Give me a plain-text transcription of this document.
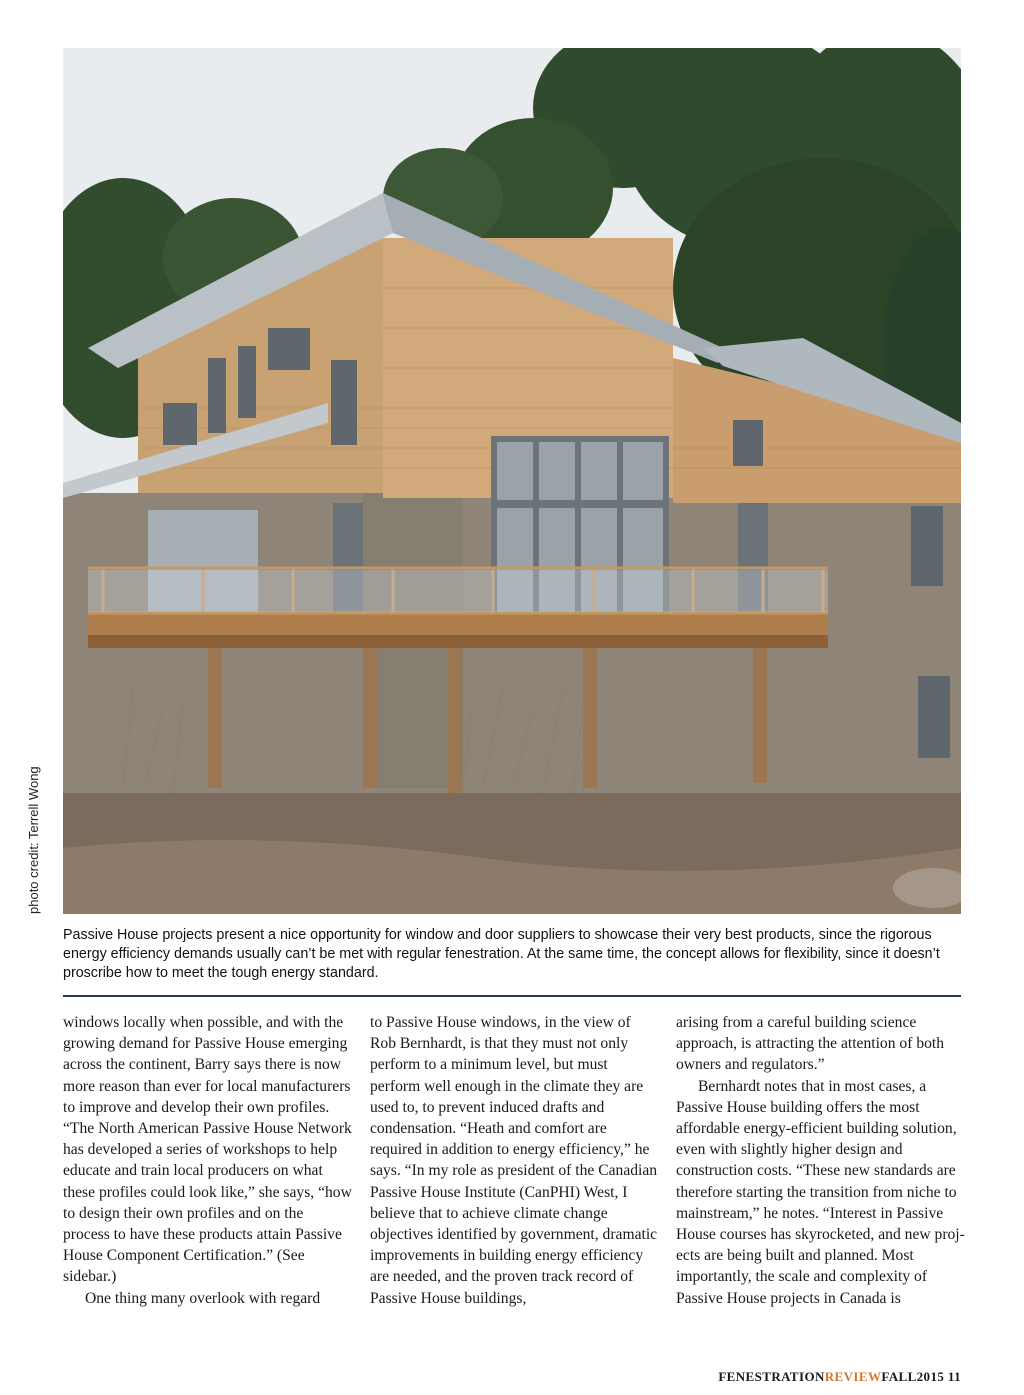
photo credit: Terrell Wong
Passive House projects present a nice opportunity for window and door suppliers to showcase their very best products, since the rigorous energy efficiency demands usually can’t be met with regular fenestration. At the same time, the concept allows for flexibility, since it doesn’t proscribe how to meet the tough energy standard.

windows locally when possible, and with the growing demand for Passive House emerging across the continent, Barry says there is now more reason than ever for local manufacturers to improve and develop their own profiles. “The North American Passive House Network has developed a series of workshops to help educate and train local producers on what these profiles could look like,” she says, “how to design their own profiles and on the process to have these products attain Passive House Component Certification.” (See sidebar.)

One thing many overlook with regard

to Passive House windows, in the view of Rob Bernhardt, is that they must not only perform to a minimum level, but must perform well enough in the climate they are used to, to prevent induced drafts and condensation. “Heath and comfort are required in addition to energy efficiency,” he says. “In my role as president of the Canadian Passive House Institute (CanPHI) West, I believe that to achieve climate change objectives identified by government, dramatic improvements in building energy efficiency are needed, and the proven track record of Passive House buildings,

arising from a careful building science approach, is attracting the attention of both owners and regulators.”

Bernhardt notes that in most cases, a Passive House building offers the most affordable energy-efficient building solution, even with slightly higher design and construction costs. “These new standards are therefore starting the transition from niche to mainstream,” he notes. “Interest in Passive House courses has skyrocketed, and new projects are being built and planned. Most importantly, the scale and complexity of Passive House projects in Canada is

FENESTRATIONREVIEWFALL2015 11
